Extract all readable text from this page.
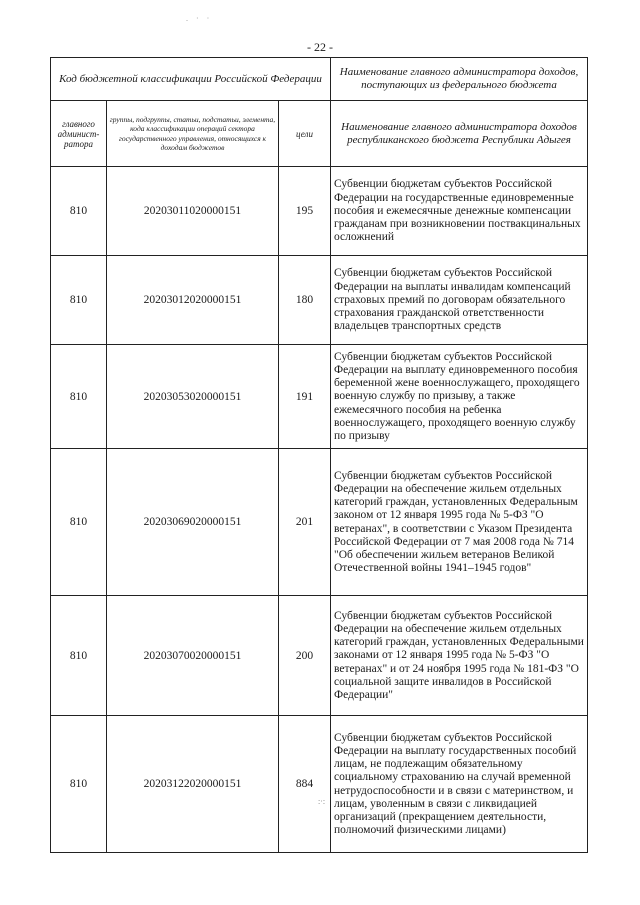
. · ·
- 22 -
Код бюджетной классификации Российской Федерации			Наименование главного администратора доходов, поступающих из федерального бюджета
главного админист-ратора	группы, подгруппы, статьи, подстатьи, элемента, кода классификации операций сектора государственного управления, относящихся к доходам бюджетов	цели	Наименование главного администратора доходов республиканского бюджета Республики Адыгея
810	20203011020000151	195	Субвенции бюджетам субъектов Российской Федерации на государственные единовременные пособия и ежемесячные денежные компенсации гражданам при возникновении поствакцинальных осложнений
810	20203012020000151	180	Субвенции бюджетам субъектов Российской Федерации на выплаты инвалидам компенсаций страховых премий по договорам обязательного страхования гражданской ответственности владельцев транспортных средств
810	20203053020000151	191	Субвенции бюджетам субъектов Российской Федерации на выплату единовременного пособия беременной жене военнослужащего, проходящего военную службу по призыву, а также ежемесячного пособия на ребенка военнослужащего, проходящего военную службу по призыву
810	20203069020000151	201	Субвенции бюджетам субъектов Российской Федерации на обеспечение жильем отдельных категорий граждан, установленных Федеральным законом от 12 января 1995 года № 5-ФЗ "О ветеранах", в соответствии с Указом Президента Российской Федерации от 7 мая 2008 года № 714 "Об обеспечении жильем ветеранов Великой Отечественной войны 1941–1945 годов"
810	20203070020000151	200	Субвенции бюджетам субъектов Российской Федерации на обеспечение жильем отдельных категорий граждан, установленных Федеральными законами от 12 января 1995 года № 5-ФЗ "О ветеранах" и от 24 ноября 1995 года № 181-ФЗ "О социальной защите инвалидов в Российской Федерации"
810	20203122020000151	884	Субвенции бюджетам субъектов Российской Федерации на выплату государственных пособий лицам, не подлежащим обязательному социальному страхованию на случай временной нетрудоспособности и в связи с материнством, и лицам, уволенным в связи с ликвидацией организаций (прекращением деятельности, полномочий физическими лицами)
:·:
